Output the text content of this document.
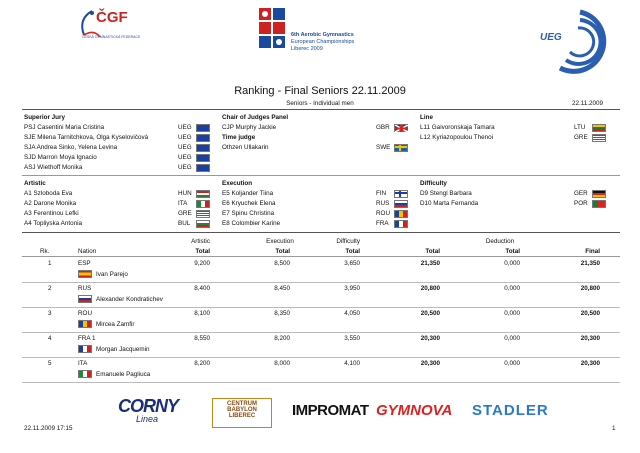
ČGF
ČESKÁ GYMNASTICKÁ FEDERACE	6th Aerobic Gymnastics
European Championships
Liberec 2009
UEG
Ranking - Final Seniors 22.11.2009
Seniors - Individual men	22.11.2009
Superior Jury
PSJ Casentini Maria Cristina	UEG
SJE Milena Tarnitchkova, Olga Kyselovičová	UEG
SJA Andrea Sinko, Yelena Levina	UEG
SJD Marron Moya Ignacio	UEG
ASJ Wiethoff Monika	UEG
Chair of Judges Panel
CJP Murphy Jackie	GBR
Time judge
Othzen Ullakarin	SWE
Line
L11 Gaivoronskaja Tamara	LTU
L12 Kyriazopoulou Thenoi	GRE
Artistic
A1 Szloboda Eva	HUN
A2 Darone Monika	ITA
A3 Ferentinou Lefki	GRE
A4 Topliyska Antonia	BUL
Execution
E5 Koljander Tiina	FIN
E6 Kryuchek Elena	RUS
E7 Spinu Christina	ROU
E8 Colombier Karine	FRA
Difficulty
D9 Stengl Barbara	GER
D10 Marta Fernanda	POR
Artistic	Execution	Difficulty	Deduction
Rk.	Nation	Total	Total	Total	Total	Total	Final
1	ESP	9,200	8,500	3,650	21,350	0,000	21,350
Ivan Parejo
2	RUS	8,400	8,450	3,950	20,800	0,000	20,800
Alexander Kondratichev
3	ROU	8,100	8,350	4,050	20,500	0,000	20,500
Mircea Zamfir
4	FRA 1	8,550	8,200	3,550	20,300	0,000	20,300
Morgan Jacquemin
5	ITA	8,200	8,000	4,100	20,300	0,000	20,300
Emanuele Pagliuca
CORNY
Linea
CENTRUM
BABYLON
LIBEREC	IMPROMAT GYMNOVA STADLER
22.11.2009 17:15	1
